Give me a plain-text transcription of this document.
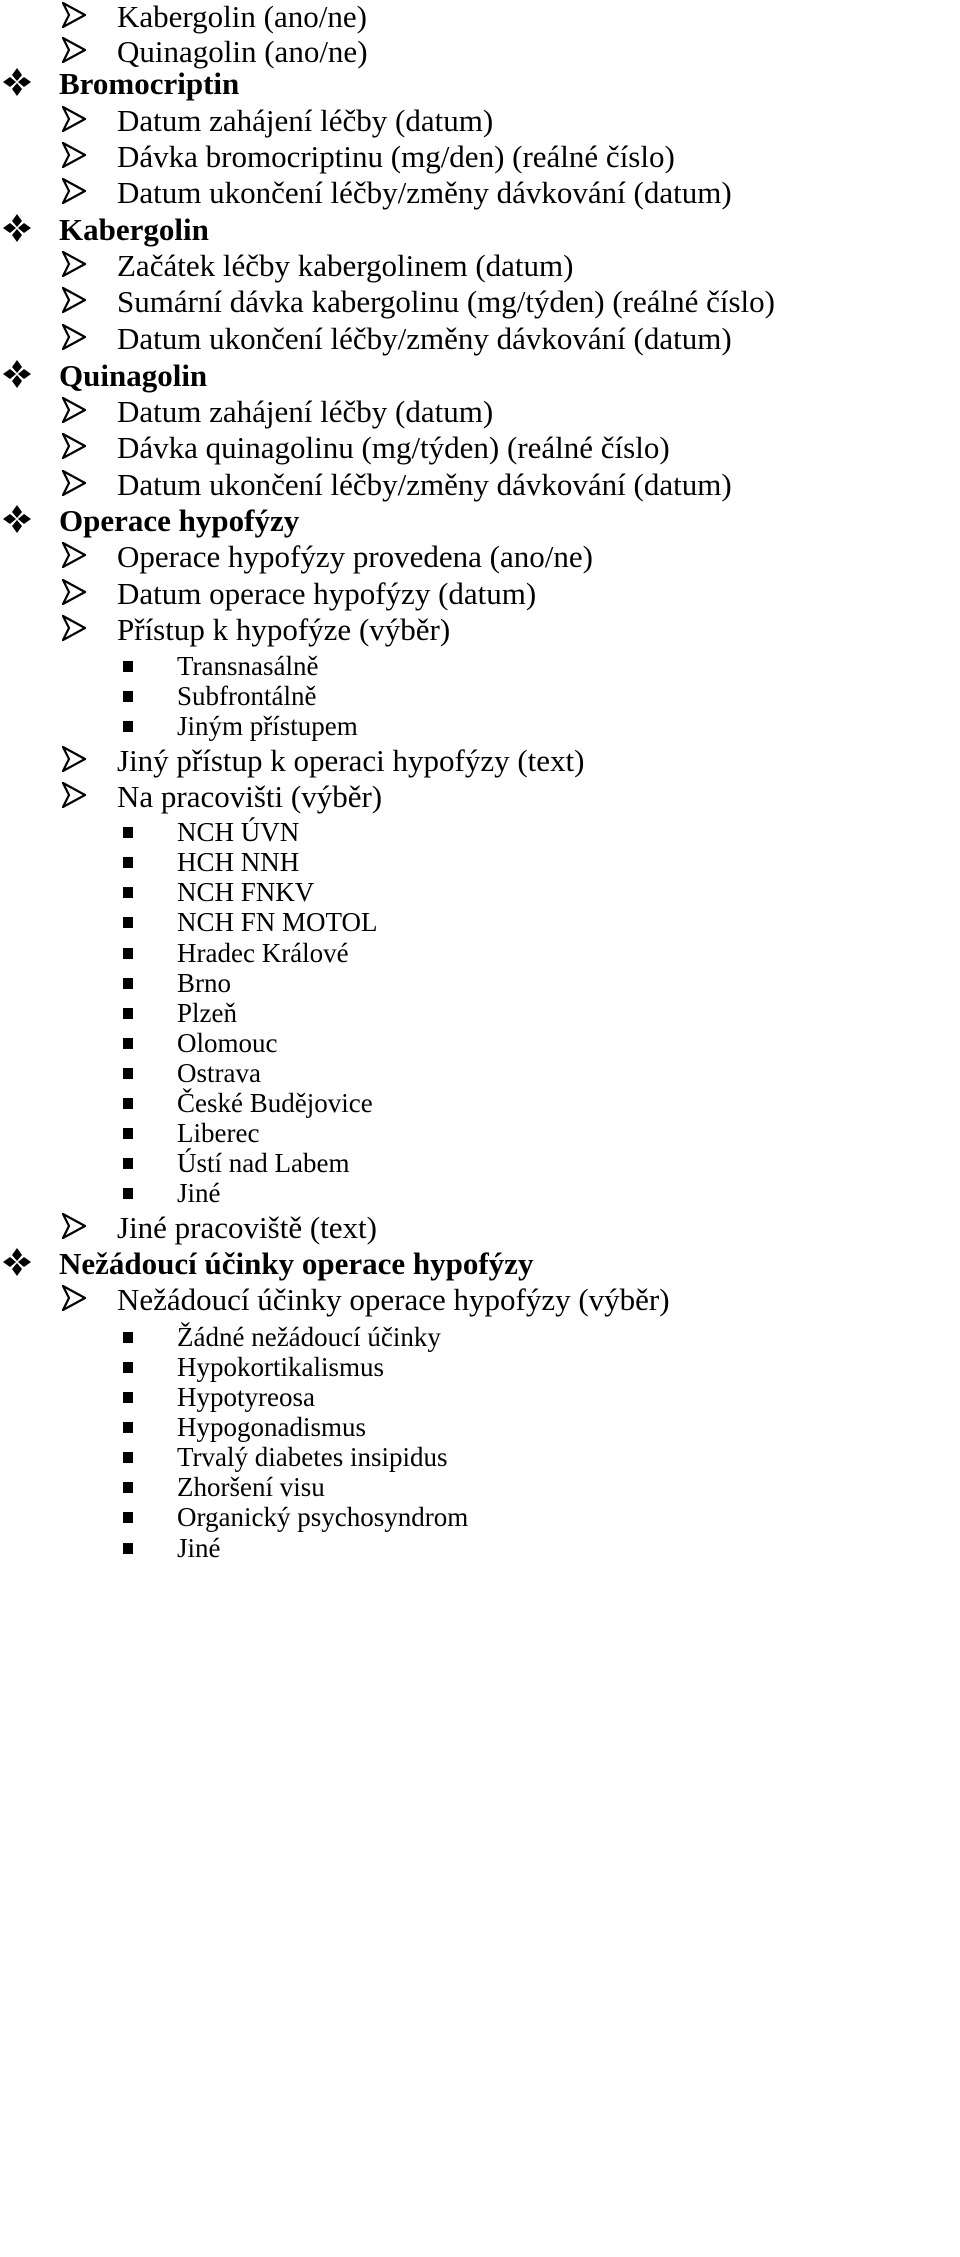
Kabergolin (ano/ne)
Quinagolin (ano/ne)
Bromocriptin
Datum zahájení léčby (datum)
Dávka bromocriptinu (mg/den) (reálné číslo)
Datum ukončení léčby/změny dávkování (datum)
Kabergolin
Začátek léčby kabergolinem (datum)
Sumární dávka kabergolinu (mg/týden) (reálné číslo)
Datum ukončení léčby/změny dávkování (datum)
Quinagolin
Datum zahájení léčby (datum)
Dávka quinagolinu (mg/týden) (reálné číslo)
Datum ukončení léčby/změny dávkování (datum)
Operace hypofýzy
Operace hypofýzy provedena (ano/ne)
Datum operace hypofýzy (datum)
Přístup k hypofýze (výběr)
Transnasálně
Subfrontálně
Jiným přístupem
Jiný přístup k operaci hypofýzy (text)
Na pracovišti (výběr)
NCH ÚVN
HCH NNH
NCH FNKV
NCH FN MOTOL
Hradec Králové
Brno
Plzeň
Olomouc
Ostrava
České Budějovice
Liberec
Ústí nad Labem
Jiné
Jiné pracoviště (text)
Nežádoucí účinky operace hypofýzy
Nežádoucí účinky operace hypofýzy (výběr)
Žádné nežádoucí účinky
Hypokortikalismus
Hypotyreosa
Hypogonadismus
Trvalý diabetes insipidus
Zhoršení visu
Organický psychosyndrom
Jiné
